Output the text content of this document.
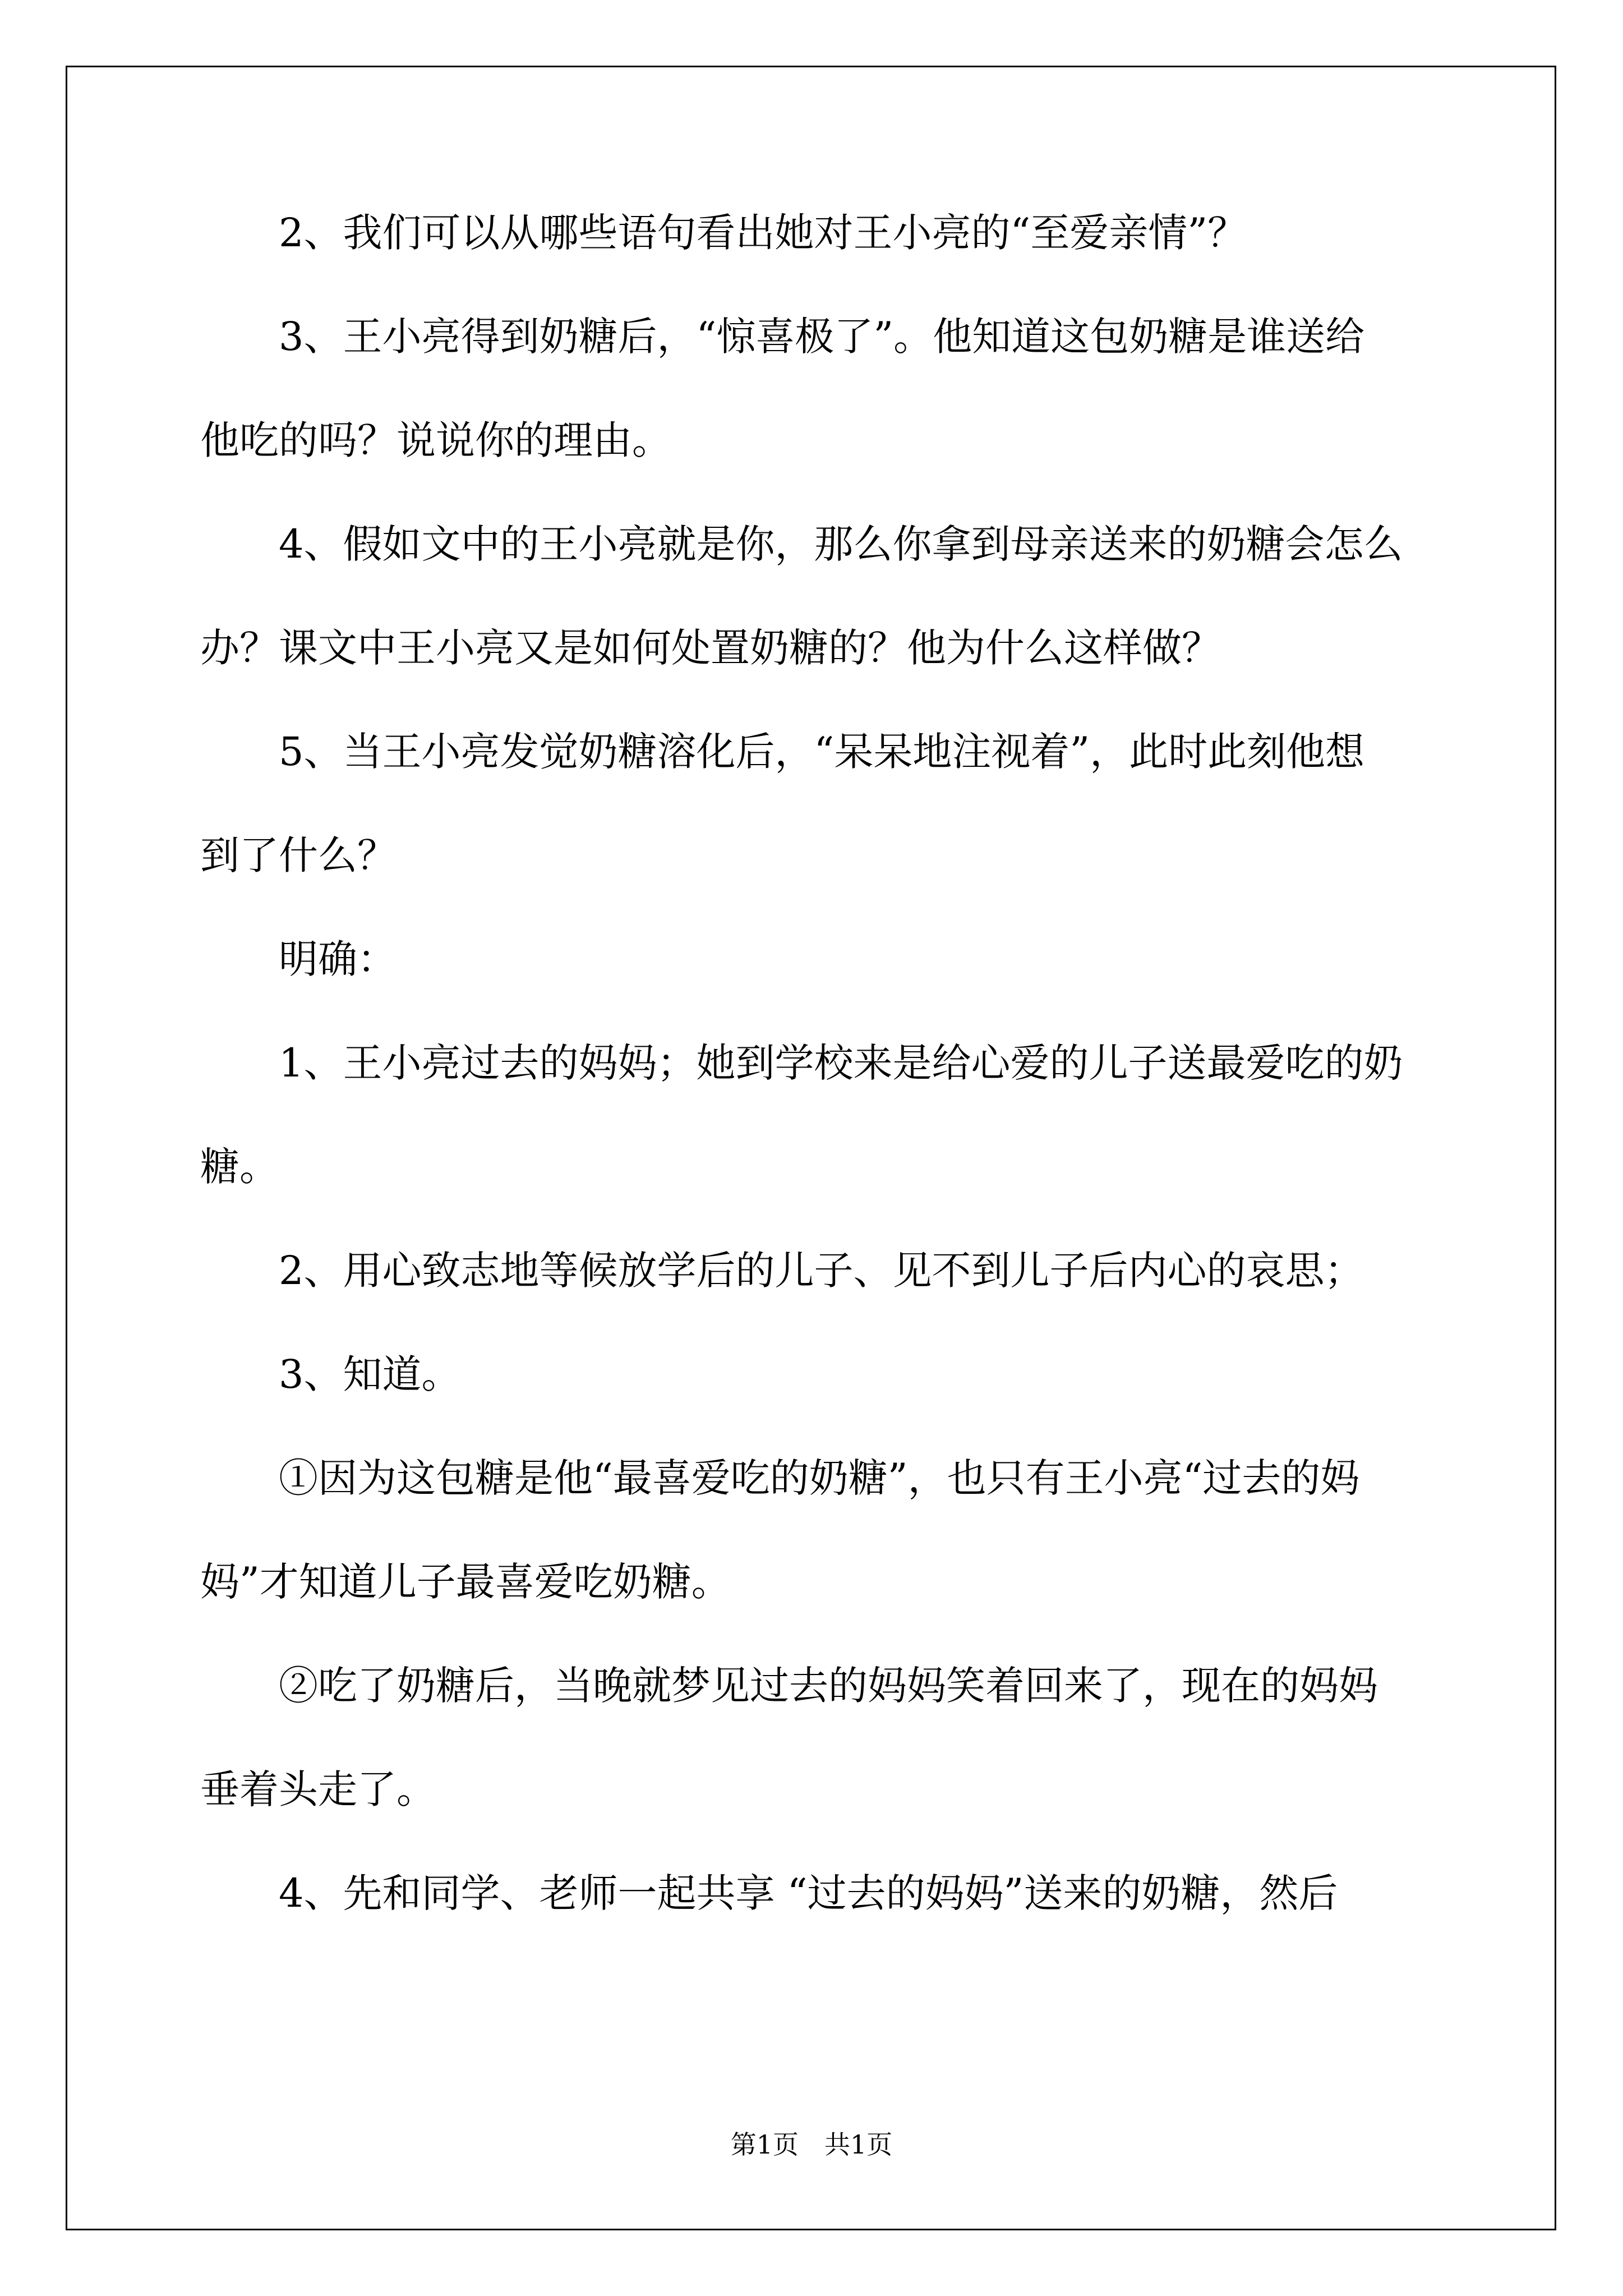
2、我们可以从哪些语句看出她对王小亮的“至爱亲情”？
3、王小亮得到奶糖后，“惊喜极了”。他知道这包奶糖是谁送给
他吃的吗？说说你的理由。
4、假如文中的王小亮就是你，那么你拿到母亲送来的奶糖会怎么
办？课文中王小亮又是如何处置奶糖的？他为什么这样做？
5、当王小亮发觉奶糖溶化后，“呆呆地注视着”，此时此刻他想
到了什么？
明确：
1、王小亮过去的妈妈；她到学校来是给心爱的儿子送最爱吃的奶
糖。
2、用心致志地等候放学后的儿子、见不到儿子后内心的哀思；
3、知道。
①因为这包糖是他“最喜爱吃的奶糖”，也只有王小亮“过去的妈
妈”才知道儿子最喜爱吃奶糖。
②吃了奶糖后，当晚就梦见过去的妈妈笑着回来了，现在的妈妈
垂着头走了。
4、先和同学、老师一起共享 “过去的妈妈”送来的奶糖，然后
第1页　共1页
